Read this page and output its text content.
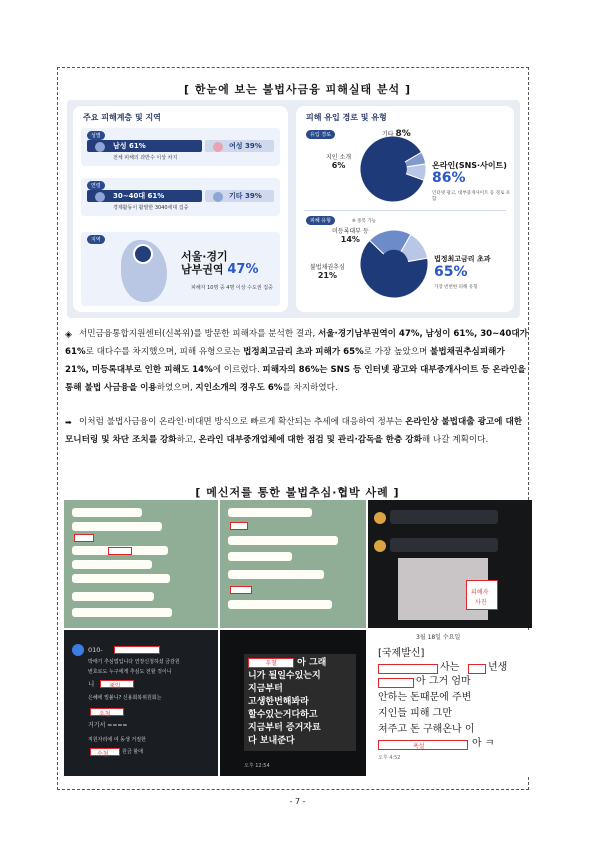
[ 한눈에 보는 불법사금융 피해실태 분석 ]
주요 피해계층 및 지역
성별
남성 61%	여성 39%
전체 피해의 과반수 이상 차지
연령
30~40대 61%	기타 39%
경제활동이 활발한 3040세대 집중
지역
서울·경기
남부권역 47%
피해자 10명 중 4명 이상 수도권 집중
피해 유입 경로 및 유형
유입 경로	기타 8%
지인 소개
6%	온라인(SNS·사이트)
86%
인터넷 광고, 대부중개사이트 등 경로 포함
피해 유형	※ 중복 가능
미등록대부 등
14%
불법채권추심
21%
법정최고금리 초과
65%
가장 빈번한 피해 유형
◈ 서민금융통합지원센터(신복위)를 방문한 피해자를 분석한 결과, 서울·경기남부권역이 47%, 남성이 61%, 30~40대가 61%로 대다수를 차지했으며, 피해 유형으로는 법정최고금리 초과 피해가 65%로 가장 높았으며 불법채권추심피해가 21%, 미등록대부로 인한 피해도 14%에 이르렀다. 피해자의 86%는 SNS 등 인터넷 광고와 대부중개사이트 등 온라인을 통해 불법 사금융을 이용하였으며, 지인소개의 경우도 6%를 차지하였다.
➡ 이처럼 불법사금융이 온라인·비대면 방식으로 빠르게 확산되는 추세에 대응하여 정부는 온라인상 불법대출 광고에 대한 모니터링 및 차단 조치를 강화하고, 온라인 대부중개업체에 대한 점검 및 관리·감독을 한층 강화해 나갈 계획이다.
[ 메신저를 통한 불법추심·협박 사례 ]
피해자
사진
010-
박태기 추심법입니다 연장신청하셨 금감원
번호로도 누구에게 추심도 전할 것이니
니 제일
은혜에 빌붙니? 신용회복위원회는
우철
거기서 ====
직원자리에 여 동생 거절한
수철	원금 할애
우철 아 그래
니가 될일수있는지
지금부터
고생한번해봐라
할수있는거다하고
지금부터 증거자료
다 보내준다
오후 12:54
3월 18일 수요일
[국제발신]
사는	년생
아 그거 엄마
안하는 돈때문에 주변
지인들 피해 그만
쳐주고 돈 구해온나 이
욕설	아 ㅋ
오후 4:52
- 7 -
